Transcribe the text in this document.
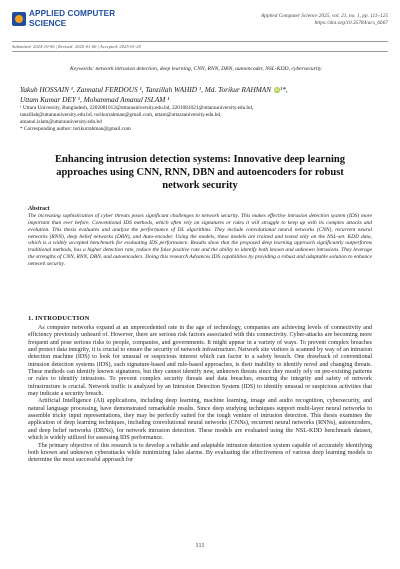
APPLIED COMPUTER
SCIENCE
Applied Computer Science 2025, vol. 21, no. 1, pp. 111–125
https://doi.org/10.35784/acs_6667
Submitted: 2024-10-06 | Revised: 2025-01-06 | Accepted: 2025-01-20
Keywords: network intrusion detection, deep learning, CNN, RNN, DBN, autoencoder, NSL-KDD, cybersecurity
Yakub HOSSAIN ¹, Zannatul FERDOUS ¹, Tanzillah WAHID ¹, Md. Torikur RAHMAN iD¹*,
Uttam Kumar DEY ¹, Mohammad Amanul ISLAM ¹
¹ Uttara University, Bangladesh, 2202081012@uttarauniversity.edu.bd, 2201081021@uttarauniversity.edu.bd,
tanzillah@uttarauniversity.edu.bd, torikurrahman@gmail.com, uttam@uttarauniversity.edu.bd,
amanul.islam@uttarauniversity.edu.bd
* Corresponding author: torikurrahman@gmail.com
Enhancing intrusion detection systems: Innovative deep learning approaches using CNN, RNN, DBN and autoencoders for robust network security
Abstract
The increasing sophistication of cyber threats poses significant challenges to network security. This makes effective intrusion detection system (IDS) more important than ever before. Conventional IDS methods, which often rely on signatures or rules it will struggle to keep up with its complex attacks and evolution. This thesis evaluates and analyze the performance of DL algorithms. They include convolutional neural networks (CNN), recurrent neural networks (RNN), deep belief networks (DBN), and Auto-encoder. Using the models, these models are trained and tested only on the NSL-set. KDD data, which is a widely accepted benchmark for evaluating IDS performance. Results show that the proposed deep learning approach significantly outperforms traditional methods, has a higher detection rate, reduce the false positive rate and the ability to identify both known and unknown intrusions. They leverage the strengths of CNN, RNN, DBN, and autoencoders. Doing this research Advances IDS capabilities by providing a robust and adaptable solution to enhance network security.
1. INTRODUCTION

As computer networks expand at an unprecedented rate in the age of technology, companies are achieving levels of connectivity and efficiency previously unheard of. However, there are serious risk factors associated with this connectivity. Cyber-attacks are becoming more frequent and pose serious risks to people, companies, and governments. It might appear in a variety of ways. To prevent complex breaches and protect data integrity, it is crucial to ensure the security of network infrastructure. Network site visitors is scanned by way of an intrusion detection machine (IDS) to look for unusual or suspicious interest which can factor to a safety breach. One drawback of conventional intrusion detection systems (IDS), such signature-based and rule-based approaches, is their inability to identify novel and changing threats. These methods can identify known signatures, but they cannot identify new, unknown threats since they mostly rely on pre-existing patterns or rules to identify intrusions. To prevent complex security threats and data breaches, ensuring the integrity and safety of network infrastructure is crucial. Network traffic is analyzed by an Intrusion Detection System (IDS) to identify unusual or suspicious activities that may indicate a security breach.

Artificial Intelligence (AI) applications, including deep learning, machine learning, image and audio recognition, cybersecurity, and natural language processing, have demonstrated remarkable results. Since deep studying techniques support multi-layer neural networks to assemble tricky input representations, they may be perfectly suited for the tough venture of intrusion detection. This thesis examines the application of deep learning techniques, including convolutional neural networks (CNNs), recurrent neural networks (RNNs), autoencoders, and deep belief networks (DBNs), for network intrusion detection. These models are evaluated using the NSL-KDD benchmark dataset, which is widely utilized for assessing IDS performance.

The primary objective of this research is to develop a reliable and adaptable intrusion detection system capable of accurately identifying both known and unknown cyberattacks while minimizing false alarms. By evaluating the effectiveness of various deep learning models to determine the most successful approach for

111
